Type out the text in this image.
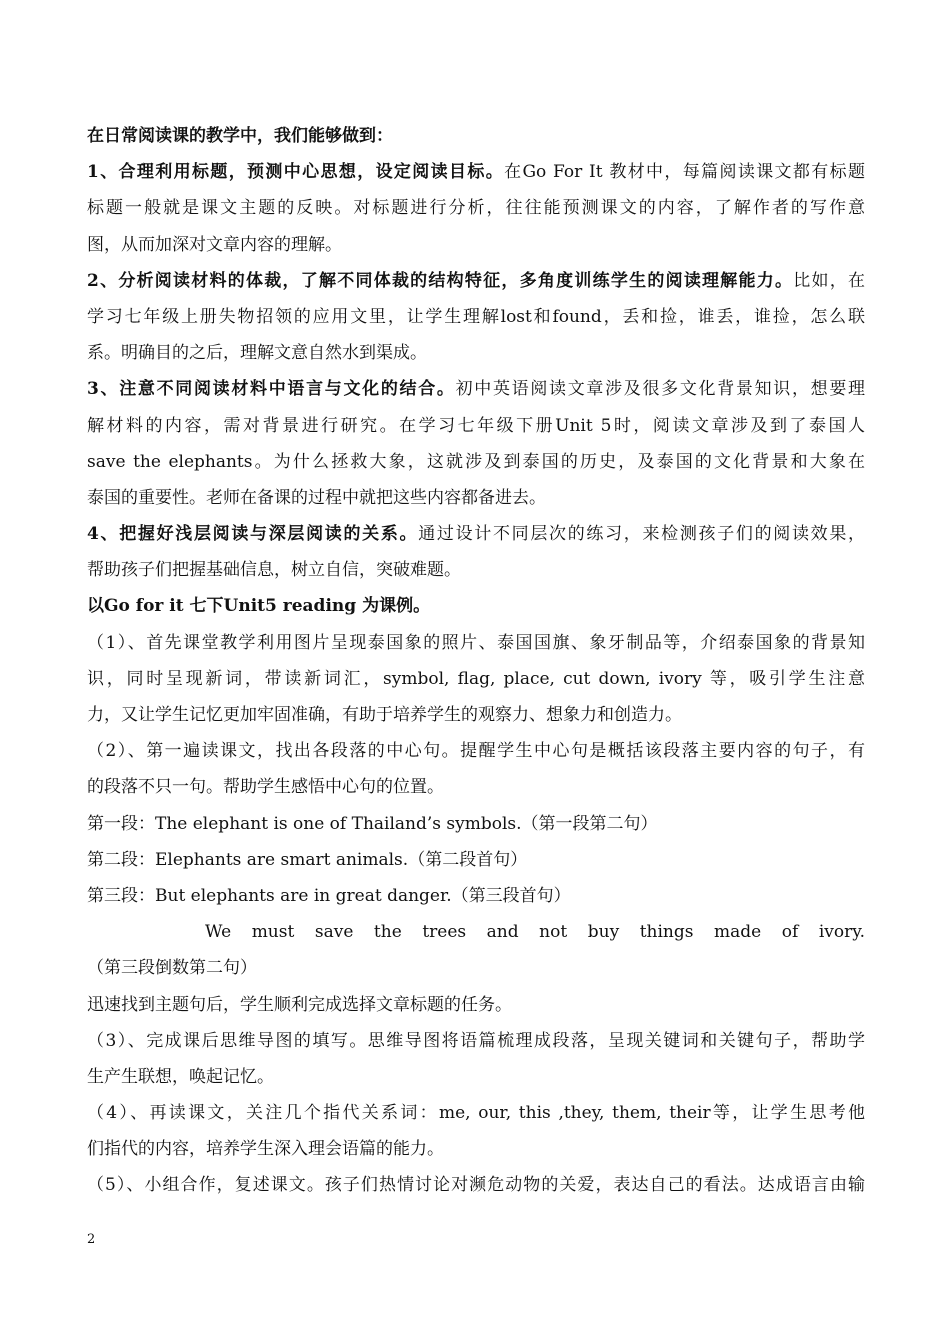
在日常阅读课的教学中，我们能够做到：
1、合理利用标题，预测中心思想，设定阅读目标。在Go For It 教材中，每篇阅读课文都有标题
标题一般就是课文主题的反映。对标题进行分析，往往能预测课文的内容，了解作者的写作意
图，从而加深对文章内容的理解。
2、分析阅读材料的体裁，了解不同体裁的结构特征，多角度训练学生的阅读理解能力。比如，在
学习七年级上册失物招领的应用文里，让学生理解lost和found，丢和捡，谁丢，谁捡，怎么联
系。明确目的之后，理解文意自然水到渠成。
3、注意不同阅读材料中语言与文化的结合。初中英语阅读文章涉及很多文化背景知识，想要理
解材料的内容，需对背景进行研究。在学习七年级下册Unit 5时，阅读文章涉及到了泰国人
save the elephants。为什么拯救大象，这就涉及到泰国的历史，及泰国的文化背景和大象在
泰国的重要性。老师在备课的过程中就把这些内容都备进去。
4、把握好浅层阅读与深层阅读的关系。通过设计不同层次的练习，来检测孩子们的阅读效果，
帮助孩子们把握基础信息，树立自信，突破难题。
以Go for it 七下Unit5 reading 为课例。
（1）、首先课堂教学利用图片呈现泰国象的照片、泰国国旗、象牙制品等，介绍泰国象的背景知
识，同时呈现新词，带读新词汇，symbol, flag, place, cut down, ivory 等，吸引学生注意
力，又让学生记忆更加牢固准确，有助于培养学生的观察力、想象力和创造力。
（2）、第一遍读课文，找出各段落的中心句。提醒学生中心句是概括该段落主要内容的句子，有
的段落不只一句。帮助学生感悟中心句的位置。
第一段：The elephant is one of Thailand’s symbols.（第一段第二句）
第二段：Elephants are smart animals.（第二段首句）
第三段：But elephants are in great danger.（第三段首句）
We must save the trees and not buy things made of ivory.
（第三段倒数第二句）
迅速找到主题句后，学生顺利完成选择文章标题的任务。
（3）、完成课后思维导图的填写。思维导图将语篇梳理成段落，呈现关键词和关键句子，帮助学
生产生联想，唤起记忆。
（4）、再读课文，关注几个指代关系词：me, our, this ,they, them, their等，让学生思考他
们指代的内容，培养学生深入理会语篇的能力。
（5）、小组合作，复述课文。孩子们热情讨论对濒危动物的关爱，表达自己的看法。达成语言由输
2
